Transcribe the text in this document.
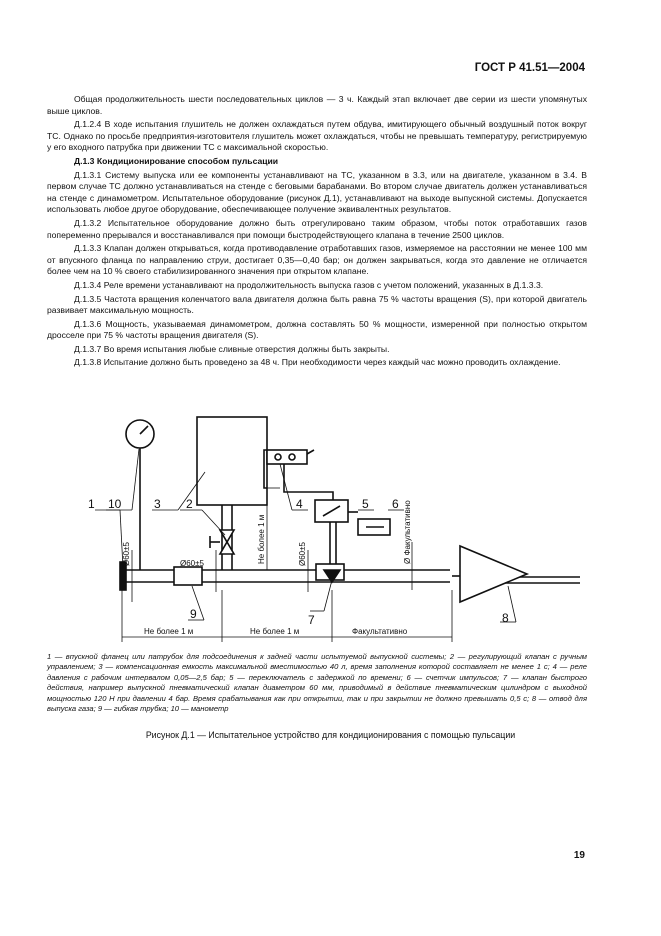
ГОСТ Р 41.51—2004

Общая продолжительность шести последовательных циклов — 3 ч. Каждый этап включает две серии из шести упомянутых выше циклов.

Д.1.2.4 В ходе испытания глушитель не должен охлаждаться путем обдува, имитирующего обычный воздушный поток вокруг ТС. Однако по просьбе предприятия-изготовителя глушитель может охлаждаться, чтобы не превышать температуру, регистрируемую у его входного патрубка при движении ТС с максимальной скоростью.

Д.1.3 Кондиционирование способом пульсации

Д.1.3.1 Систему выпуска или ее компоненты устанавливают на ТС, указанном в 3.3, или на двигателе, указанном в 3.4. В первом случае ТС должно устанавливаться на стенде с беговыми барабанами. Во втором случае двигатель должен устанавливаться на стенде с динамометром. Испытательное оборудование (рисунок Д.1), устанавливают на выходе выпускной системы. Допускается использовать любое другое оборудование, обеспечивающее получение эквивалентных результатов.

Д.1.3.2 Испытательное оборудование должно быть отрегулировано таким образом, чтобы поток отработавших газов попеременно прерывался и восстанавливался при помощи быстродействующего клапана в течение 2500 циклов.

Д.1.3.3 Клапан должен открываться, когда противодавление отработавших газов, измеряемое на расстоянии не менее 100 мм от впускного фланца по направлению струи, достигает 0,35—0,40 бар; он должен закрываться, когда это давление не отличается более чем на 10 % своего стабилизированного значения при открытом клапане.

Д.1.3.4 Реле времени устанавливают на продолжительность выпуска газов с учетом положений, указанных в Д.1.3.3.

Д.1.3.5 Частота вращения коленчатого вала двигателя должна быть равна 75 % частоты вращения (S), при которой двигатель развивает максимальную мощность.

Д.1.3.6 Мощность, указываемая динамометром, должна составлять 50 % мощности, измеренной при полностью открытом дросселе при 75 % частоты вращения двигателя (S).

Д.1.3.7 Во время испытания любые сливные отверстия должны быть закрыты.

Д.1.3.8 Испытание должно быть проведено за 48 ч. При необходимости через каждый час можно проводить охлаждение.

1 10	3 2	4	5 6
7	8
9
Не более 1 м	Не более 1 м	Факультативно
Не более 1 м
Ø60±5	Ø60±5	Ø60±5	Ø Факультативно
1 — впускной фланец или патрубок для подсоединения к задней части испытуемой выпускной системы; 2 — регулирующий клапан с ручным управлением; 3 — компенсационная емкость максимальной вместимостью 40 л, время заполнения которой составляет не менее 1 с; 4 — реле давления с рабочим интервалом 0,05—2,5 бар; 5 — переключатель с задержкой по времени; 6 — счетчик импульсов; 7 — клапан быстрого действия, например выпускной пневматический клапан диаметром 60 мм, приводимый в действие пневматическим цилиндром с выходной мощностью 120 Н при давлении 4 бар. Время срабатывания как при открытии, так и при закрытии не должно превышать 0,5 с; 8 — отвод для выпуска газа; 9 — гибкая трубка; 10 — манометр
Рисунок Д.1 — Испытательное устройство для кондиционирования с помощью пульсации
19
